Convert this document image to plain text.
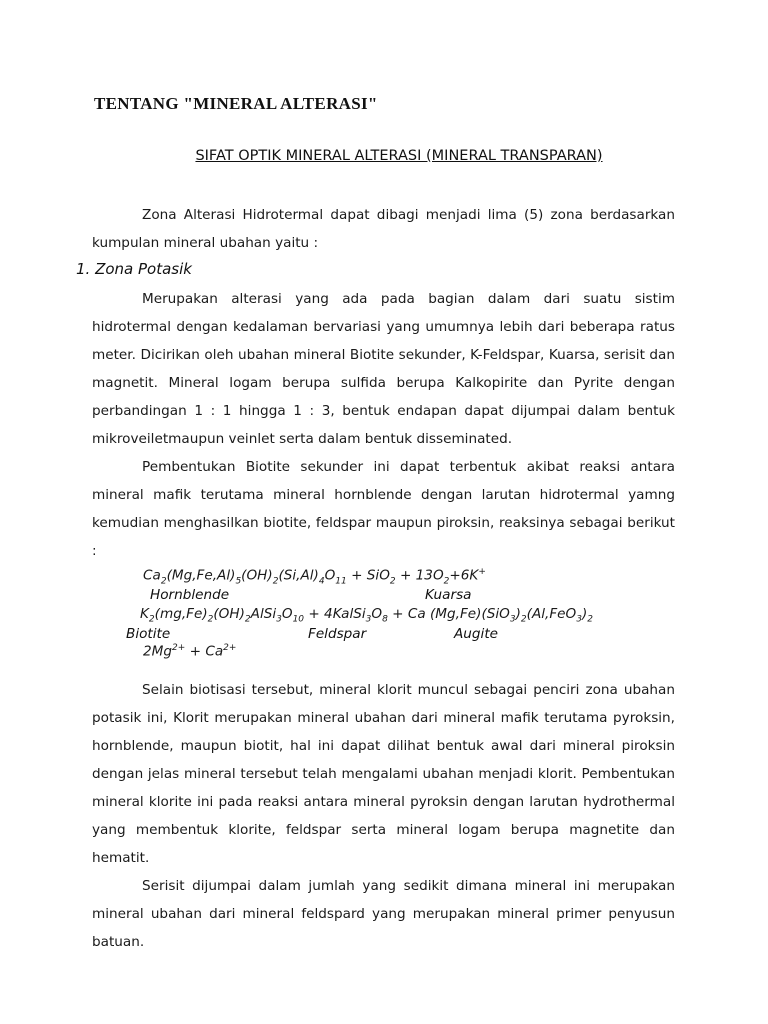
TENTANG "MINERAL ALTERASI"
SIFAT OPTIK MINERAL ALTERASI (MINERAL TRANSPARAN)
Zona Alterasi Hidrotermal dapat dibagi menjadi lima (5) zona berdasarkan kumpulan mineral ubahan yaitu :
1. Zona Potasik
Merupakan alterasi yang ada pada bagian dalam dari suatu sistim hidrotermal dengan kedalaman bervariasi yang umumnya lebih dari beberapa ratus meter. Dicirikan oleh ubahan mineral Biotite sekunder, K-Feldspar, Kuarsa, serisit dan magnetit. Mineral logam berupa sulfida berupa Kalkopirite dan Pyrite dengan perbandingan 1 : 1 hingga 1 : 3, bentuk endapan dapat dijumpai dalam bentuk mikroveiletmaupun veinlet serta dalam bentuk disseminated.
Pembentukan Biotite sekunder ini dapat terbentuk akibat reaksi antara mineral mafik terutama mineral hornblende dengan larutan hidrotermal yamng kemudian menghasilkan biotite, feldspar maupun piroksin, reaksinya sebagai berikut :
$Ca_2(Mg,Fe,Al)_5(OH)_2(Si,Al)_4O_{11} + SiO_2 + 13O_2+6K^+$
Hornblende	Kuarsa
$K_2(mg,Fe)_2(OH)_2AlSi_3O_{10}$ + $4KalSi_3O_8 + Ca$ $(Mg,Fe)(SiO_3)_2(Al,FeO_3)_2$
Biotite	Feldspar	Augite
$2Mg^{2+} + Ca^{2+}$
Selain biotisasi tersebut, mineral klorit muncul sebagai penciri zona ubahan potasik ini, Klorit merupakan mineral ubahan dari mineral mafik terutama pyroksin, hornblende, maupun biotit, hal ini dapat dilihat bentuk awal dari mineral piroksin dengan jelas mineral tersebut telah mengalami ubahan menjadi klorit. Pembentukan mineral klorite ini pada reaksi antara mineral pyroksin dengan larutan hydrothermal yang membentuk klorite, feldspar serta mineral logam berupa magnetite dan hematit.
Serisit dijumpai dalam jumlah yang sedikit dimana mineral ini merupakan mineral ubahan dari mineral feldspard yang merupakan mineral primer penyusun batuan.
